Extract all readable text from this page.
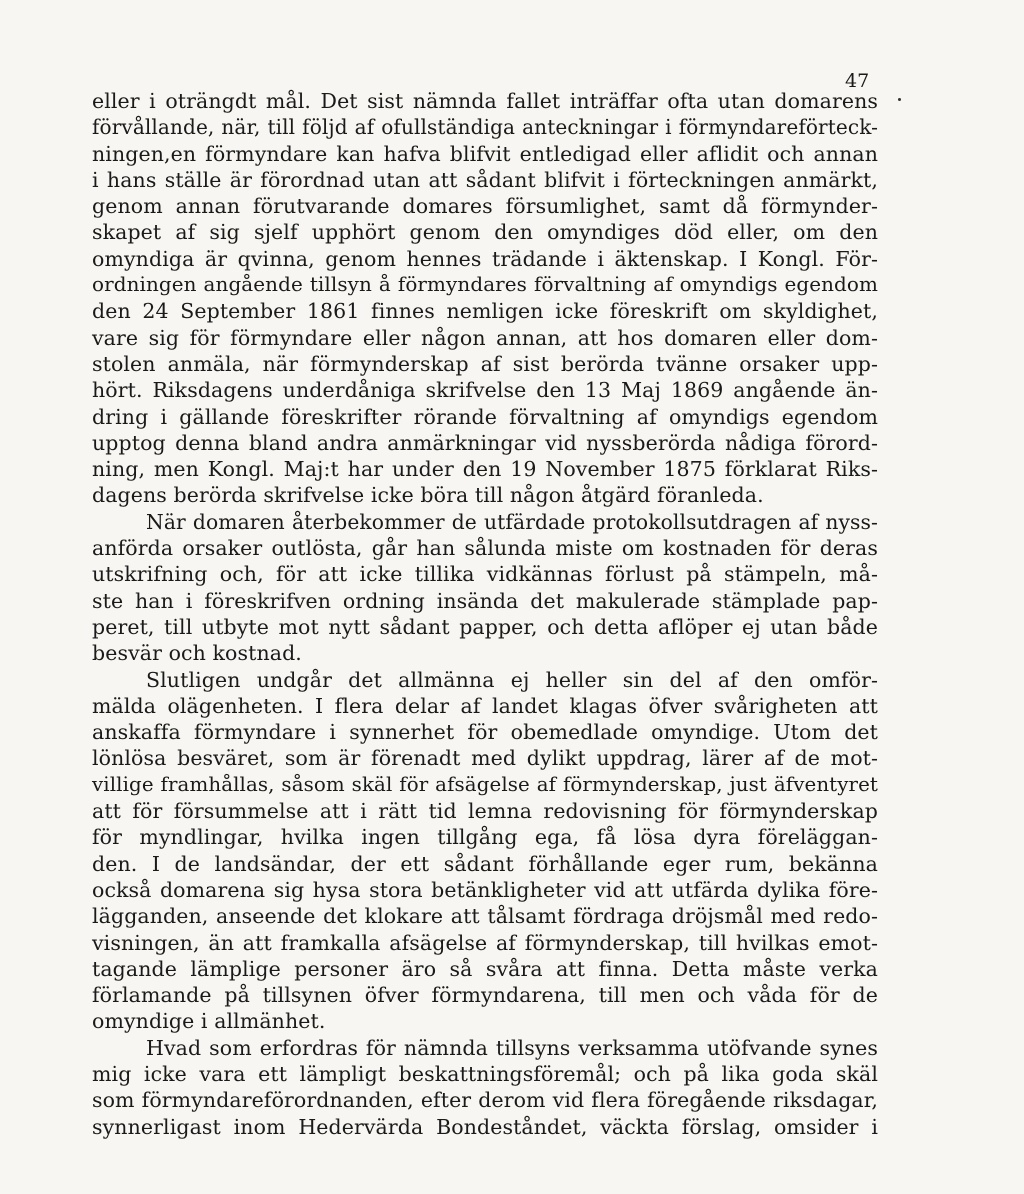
47
eller i oträngdt mål. Det sist nämnda fallet inträffar ofta utan domarens
förvållande, när, till följd af ofullständiga anteckningar i förmyndareförteck-
ningen,en förmyndare kan hafva blifvit entledigad eller aflidit och annan
i hans ställe är förordnad utan att sådant blifvit i förteckningen anmärkt,
genom annan förutvarande domares försumlighet, samt då förmynder-
skapet af sig sjelf upphört genom den omyndiges död eller, om den
omyndiga är qvinna, genom hennes trädande i äktenskap. I Kongl. För-
ordningen angående tillsyn å förmyndares förvaltning af omyndigs egendom
den 24 September 1861 finnes nemligen icke föreskrift om skyldighet,
vare sig för förmyndare eller någon annan, att hos domaren eller dom-
stolen anmäla, när förmynderskap af sist berörda tvänne orsaker upp-
hört. Riksdagens underdåniga skrifvelse den 13 Maj 1869 angående än-
dring i gällande föreskrifter rörande förvaltning af omyndigs egendom
upptog denna bland andra anmärkningar vid nyssberörda nådiga förord-
ning, men Kongl. Maj:t har under den 19 November 1875 förklarat Riks-
dagens berörda skrifvelse icke böra till någon åtgärd föranleda.
När domaren återbekommer de utfärdade protokollsutdragen af nyss-
anförda orsaker outlösta, går han sålunda miste om kostnaden för deras
utskrifning och, för att icke tillika vidkännas förlust på stämpeln, må-
ste han i föreskrifven ordning insända det makulerade stämplade pap-
peret, till utbyte mot nytt sådant papper, och detta aflöper ej utan både
besvär och kostnad.
Slutligen undgår det allmänna ej heller sin del af den omför-
mälda olägenheten. I flera delar af landet klagas öfver svårigheten att
anskaffa förmyndare i synnerhet för obemedlade omyndige. Utom det
lönlösa besväret, som är förenadt med dylikt uppdrag, lärer af de mot-
villige framhållas, såsom skäl för afsägelse af förmynderskap, just äfventyret
att för försummelse att i rätt tid lemna redovisning för förmynderskap
för myndlingar, hvilka ingen tillgång ega, få lösa dyra föreläggan-
den. I de landsändar, der ett sådant förhållande eger rum, bekänna
också domarena sig hysa stora betänkligheter vid att utfärda dylika före-
lägganden, anseende det klokare att tålsamt fördraga dröjsmål med redo-
visningen, än att framkalla afsägelse af förmynderskap, till hvilkas emot-
tagande lämplige personer äro så svåra att finna. Detta måste verka
förlamande på tillsynen öfver förmyndarena, till men och våda för de
omyndige i allmänhet.
Hvad som erfordras för nämnda tillsyns verksamma utöfvande synes
mig icke vara ett lämpligt beskattningsföremål; och på lika goda skäl
som förmyndareförordnanden, efter derom vid flera föregående riksdagar,
synnerligast inom Hedervärda Bondeståndet, väckta förslag, omsider i
